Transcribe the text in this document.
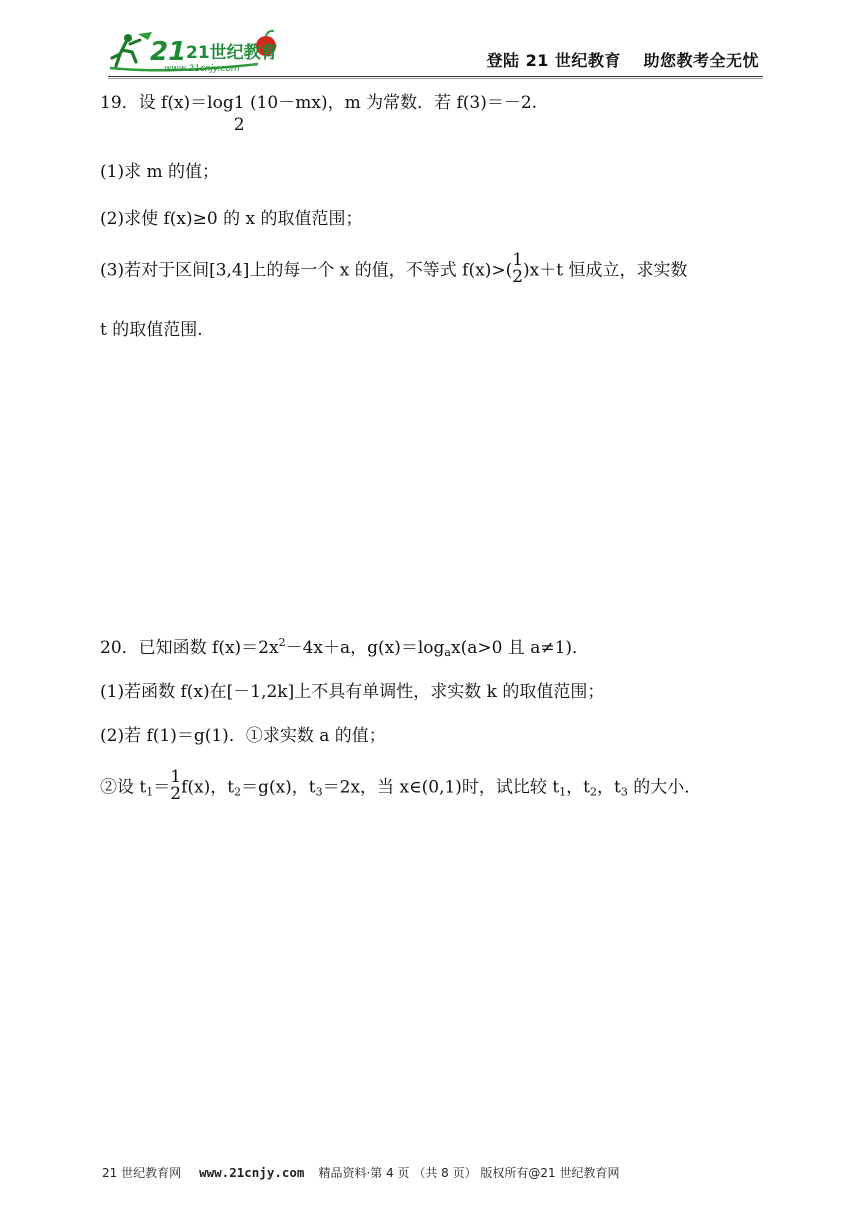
21 21世纪教育
www.21cnjy.com	登陆 21 世纪教育　 助您教考全无忧
19．设 f(x)＝log1
2
(10－mx)，m 为常数．若 f(3)＝－2.
(1)求 m 的值；
(2)求使 f(x)≥0 的 x 的取值范围；
(3)若对于区间[3,4]上的每一个 x 的值，不等式 f(x)>(
1
2 )x＋t 恒成立，求实数
t 的取值范围.
20．已知函数 $f(x)=2x^2-4x+a$，$g(x)=\log_ax(a>0$ 且 a≠1)．
(1)若函数 f(x)在[－1,2k]上不具有单调性，求实数 k 的取值范围；
(2)若 f(1)＝g(1)．①求实数 a 的值；
②设 $t_1=$
1
2 f(x)，$t_2=g(x)$，$t_3=2x$，当 x∈(0,1)时，试比较 $t_1$，$t_2$，$t_3$ 的大小．
21 世纪教育网 www.21cnjy.com 精品资料·第 4 页 （共 8 页） 版权所有@21 世纪教育网
